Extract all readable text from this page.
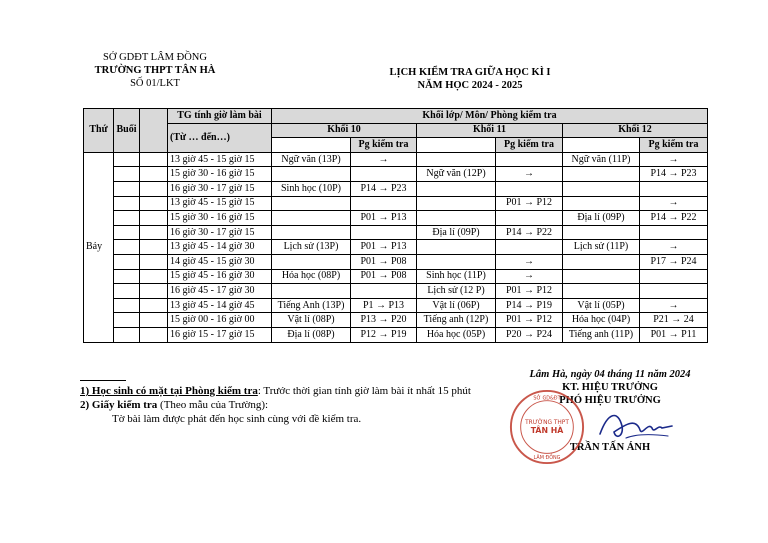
SỞ GDĐT LÂM ĐỒNG
TRƯỜNG THPT TÂN HÀ
SỐ 01/LKT
LỊCH KIỂM TRA GIỮA HỌC KÌ I
NĂM HỌC 2024 - 2025
Thứ	Buổi		TG tính giờ làm bài	Khối lớp/ Môn/ Phòng kiểm tra					
			(Từ … đến…)	Khối 10		Khối 11		Khối 12	
					Pg kiểm tra		Pg kiểm tra		Pg kiểm tra
Bảy			13 giờ 45 - 15 giờ 15	Ngữ văn (13P)	→			Ngữ văn (11P)	→
			15 giờ 30 - 16 giờ 15			Ngữ văn (12P)	→		P14 → P23
			16 giờ 30 - 17 giờ 15	Sinh học (10P)	P14 → P23				
			13 giờ 45 - 15 giờ 15				P01 → P12		→
			15 giờ 30 - 16 giờ 15		P01 → P13			Địa lí (09P)	P14 → P22
			16 giờ 30 - 17 giờ 15			Địa lí (09P)	P14 → P22		
			13 giờ 45 - 14 giờ 30	Lịch sử (13P)	P01 → P13			Lịch sử (11P)	→
			14 giờ 45 - 15 giờ 30		P01 → P08		→		P17 → P24
			15 giờ 45 - 16 giờ 30	Hóa học (08P)	P01 → P08	Sinh học (11P)	→		
			16 giờ 45 - 17 giờ 30			Lịch sử (12 P)	P01 → P12		
			13 giờ 45 - 14 giờ 45	Tiếng Anh (13P)	P1 → P13	Vật lí (06P)	P14 → P19	Vật lí (05P)	→
			15 giờ 00 - 16 giờ 00	Vật lí (08P)	P13 → P20	Tiếng anh (12P)	P01 → P12	Hóa học (04P)	P21 → 24
			16 giờ 15 - 17 giờ 15	Địa lí (08P)	P12 → P19	Hóa học (05P)	P20 → P24	Tiếng anh (11P)	P01 → P11
1) Học sinh có mặt tại Phòng kiểm tra: Trước thời gian tính giờ làm bài ít nhất 15 phút
2) Giấy kiểm tra (Theo mẫu của Trường):
Tờ bài làm được phát đến học sinh cùng với đề kiểm tra.
Lâm Hà, ngày 04 tháng 11 năm 2024
KT. HIỆU TRƯỞNG
PHÓ HIỆU TRƯỞNG
TRẦN TẤN ÁNH
TRƯỜNG THPT
TÂN HÀ
SỞ GD&ĐT
LÂM ĐỒNG
